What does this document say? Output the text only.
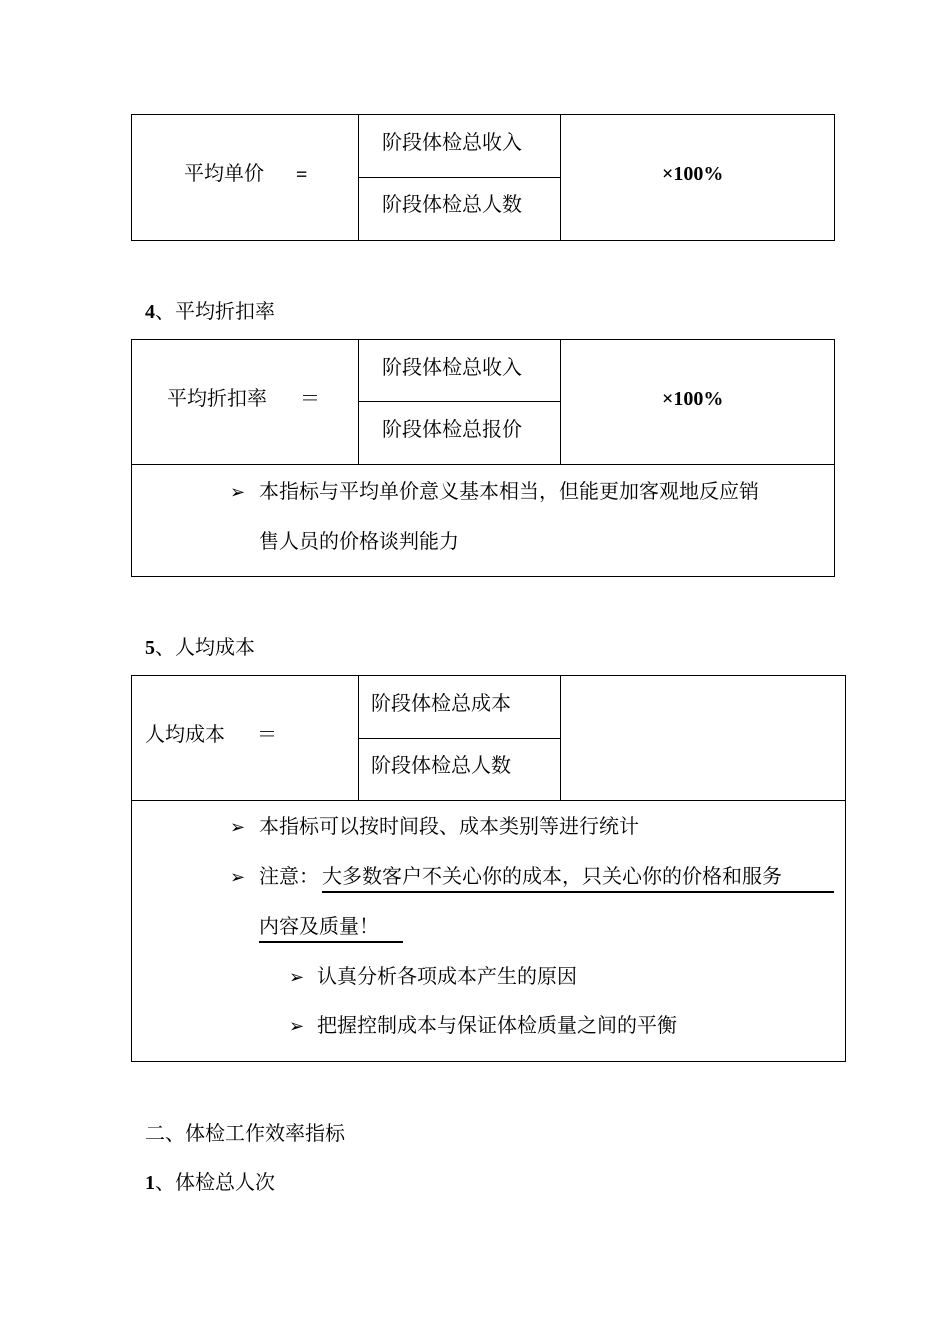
平均单价 =
阶段体检总收入
阶段体检总人数
×100%
4、平均折扣率
平均折扣率 ＝
阶段体检总收入
阶段体检总报价
×100%
➢ 本指标与平均单价意义基本相当，但能更加客观地反应销
售人员的价格谈判能力
5、人均成本
人均成本 ＝
阶段体检总成本
阶段体检总人数
➢ 本指标可以按时间段、成本类别等进行统计
➢ 注意： 大多数客户不关心你的成本，只关心你的价格和服务
内容及质量！
➢ 认真分析各项成本产生的原因
➢ 把握控制成本与保证体检质量之间的平衡
二、体检工作效率指标
1、体检总人次
